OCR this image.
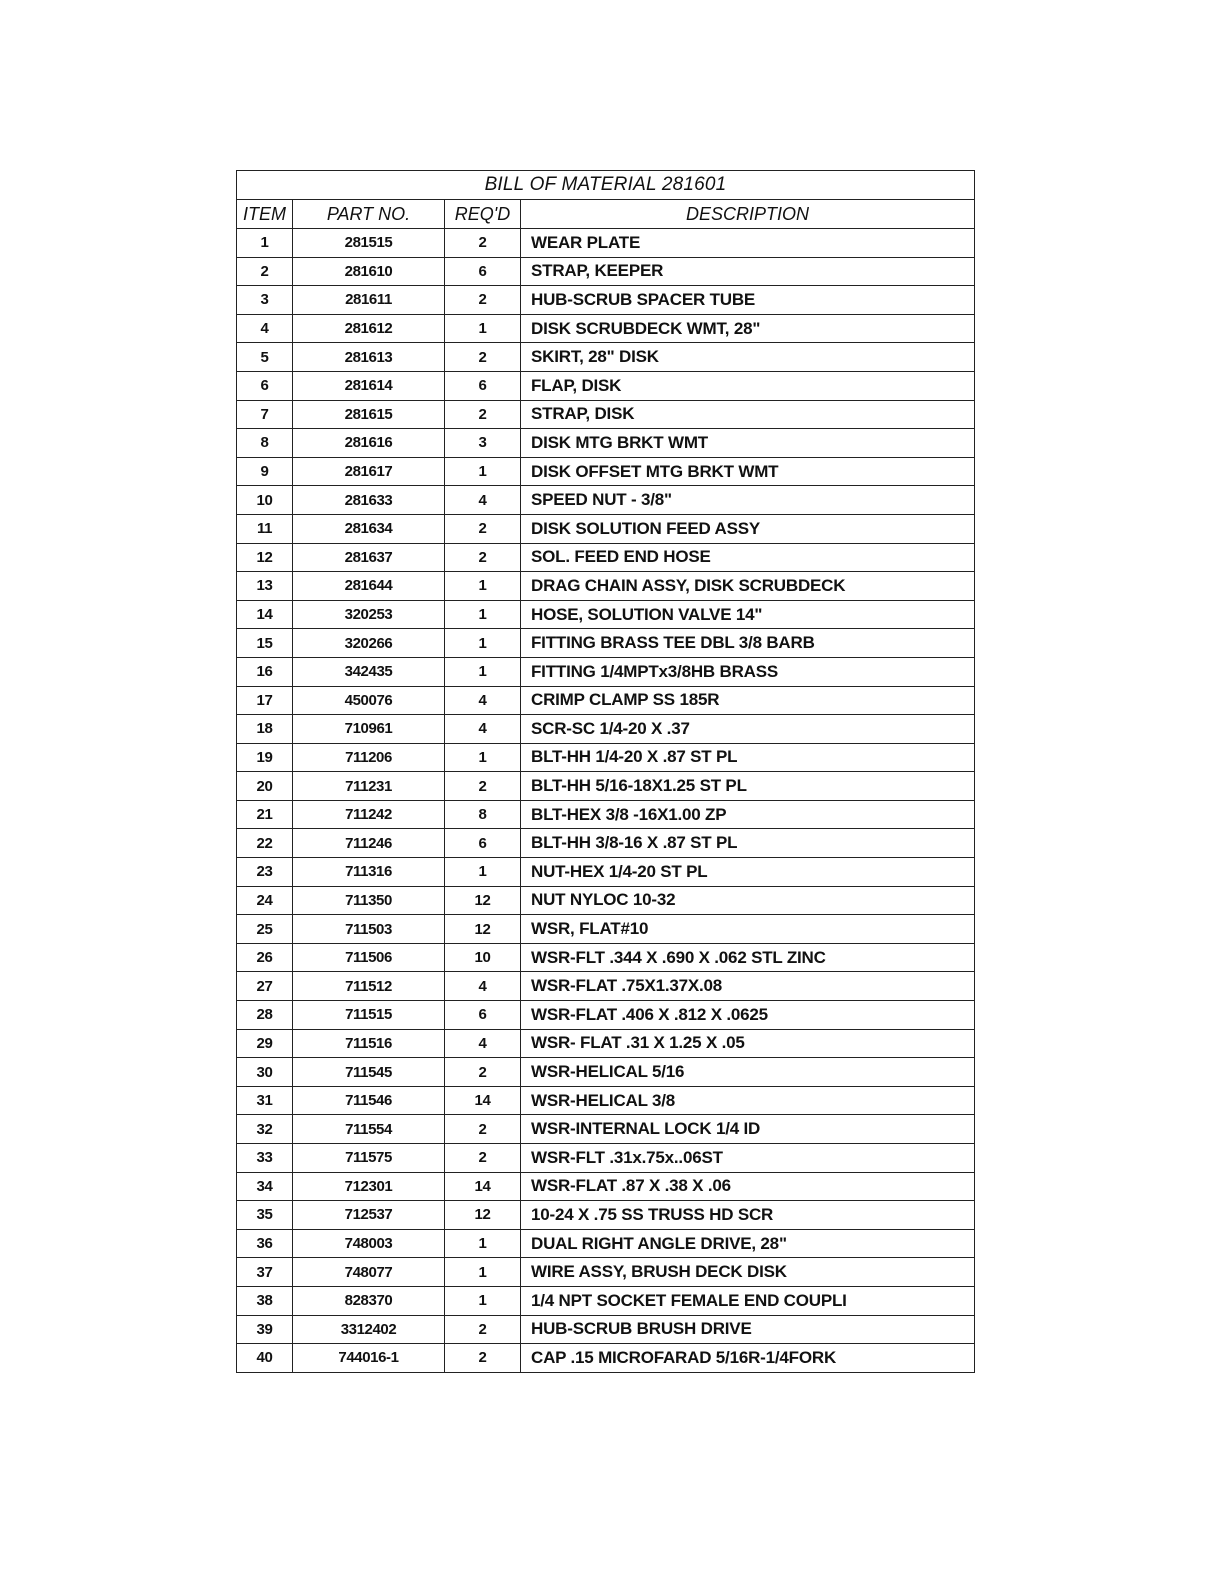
BILL OF MATERIAL 281601			
ITEM	PART NO.	REQ'D	DESCRIPTION
1	281515	2	WEAR PLATE
2	281610	6	STRAP, KEEPER
3	281611	2	HUB-SCRUB SPACER TUBE
4	281612	1	DISK SCRUBDECK WMT, 28"
5	281613	2	SKIRT, 28" DISK
6	281614	6	FLAP, DISK
7	281615	2	STRAP, DISK
8	281616	3	DISK MTG BRKT WMT
9	281617	1	DISK OFFSET MTG BRKT WMT
10	281633	4	SPEED NUT - 3/8"
11	281634	2	DISK SOLUTION FEED ASSY
12	281637	2	SOL. FEED END HOSE
13	281644	1	DRAG CHAIN ASSY, DISK SCRUBDECK
14	320253	1	HOSE, SOLUTION VALVE 14"
15	320266	1	FITTING BRASS TEE DBL 3/8 BARB
16	342435	1	FITTING 1/4MPTx3/8HB BRASS
17	450076	4	CRIMP CLAMP SS 185R
18	710961	4	SCR-SC 1/4-20 X .37
19	711206	1	BLT-HH 1/4-20 X .87 ST PL
20	711231	2	BLT-HH 5/16-18X1.25 ST PL
21	711242	8	BLT-HEX 3/8 -16X1.00 ZP
22	711246	6	BLT-HH 3/8-16 X .87 ST PL
23	711316	1	NUT-HEX 1/4-20 ST PL
24	711350	12	NUT NYLOC 10-32
25	711503	12	WSR, FLAT#10
26	711506	10	WSR-FLT .344 X .690 X .062 STL ZINC
27	711512	4	WSR-FLAT .75X1.37X.08
28	711515	6	WSR-FLAT .406 X .812 X .0625
29	711516	4	WSR- FLAT .31 X 1.25 X .05
30	711545	2	WSR-HELICAL 5/16
31	711546	14	WSR-HELICAL 3/8
32	711554	2	WSR-INTERNAL LOCK 1/4 ID
33	711575	2	WSR-FLT .31x.75x..06ST
34	712301	14	WSR-FLAT .87 X .38 X .06
35	712537	12	10-24 X .75 SS TRUSS HD SCR
36	748003	1	DUAL RIGHT ANGLE DRIVE, 28"
37	748077	1	WIRE ASSY, BRUSH DECK DISK
38	828370	1	1/4 NPT SOCKET FEMALE END COUPLI
39	3312402	2	HUB-SCRUB BRUSH DRIVE
40	744016-1	2	CAP .15 MICROFARAD 5/16R-1/4FORK
